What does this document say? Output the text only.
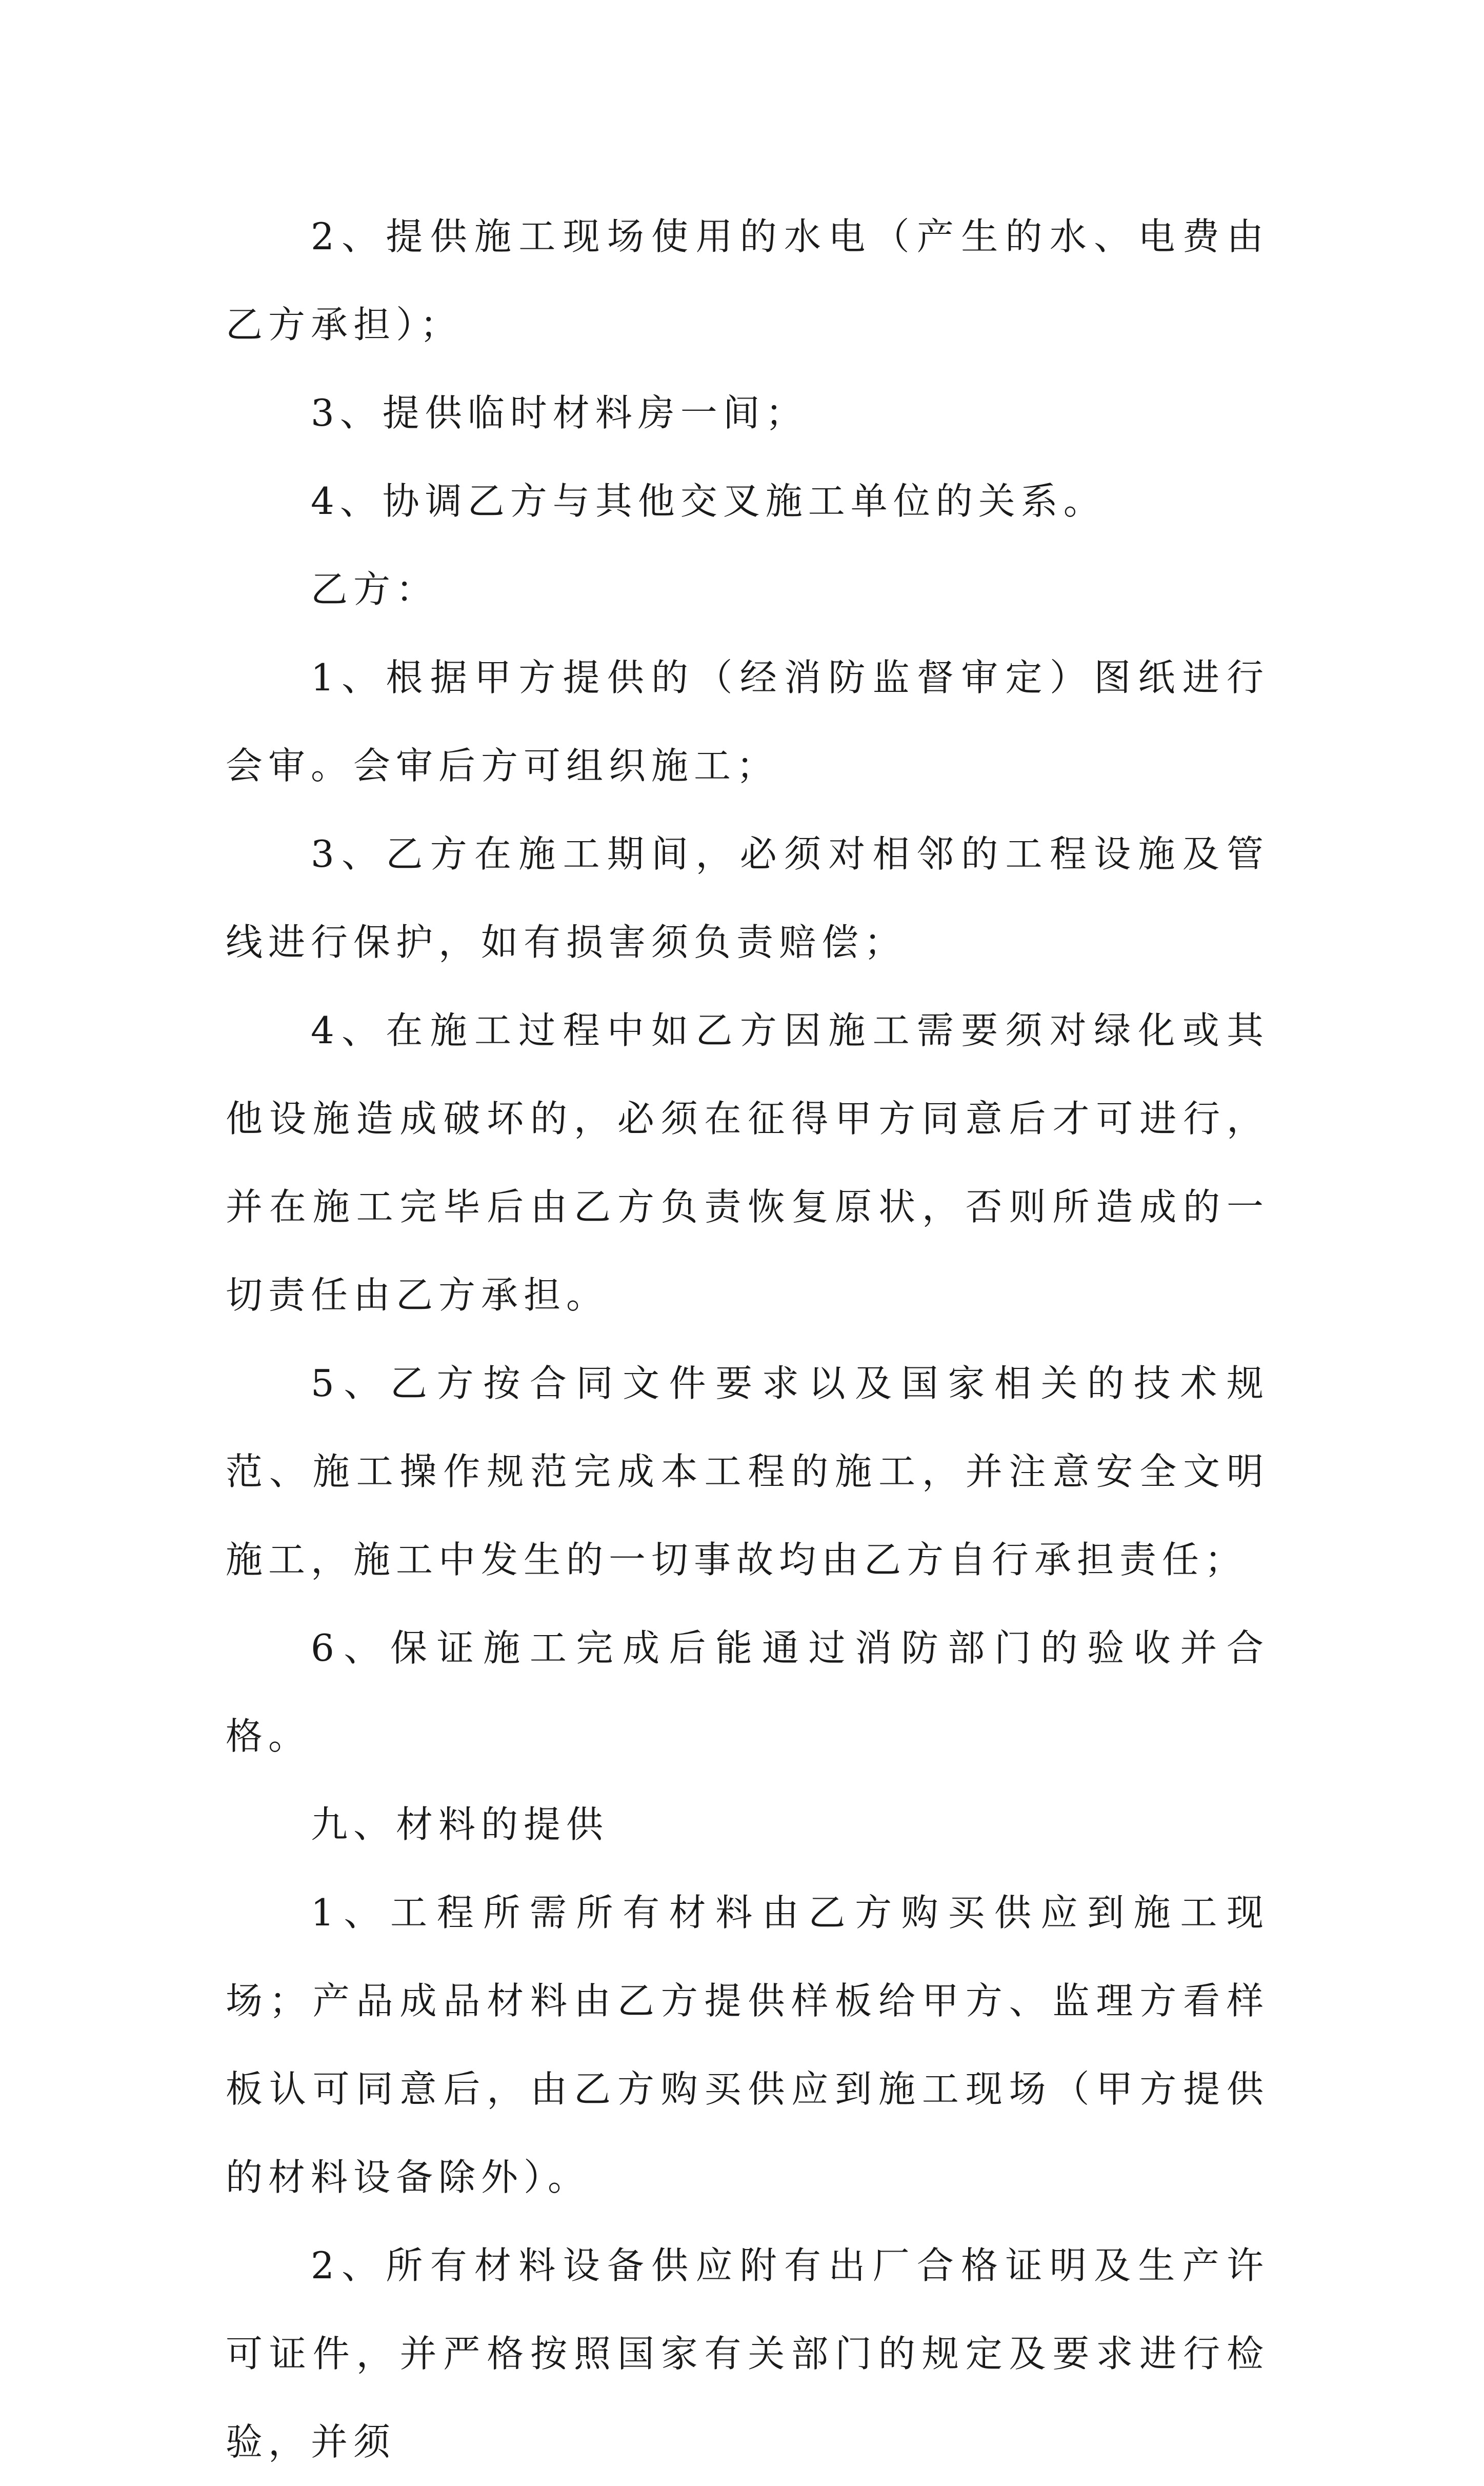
2、提供施工现场使用的水电（产生的水、电费由乙方承担）；

3、提供临时材料房一间；

4、协调乙方与其他交叉施工单位的关系。

乙方：

1、根据甲方提供的（经消防监督审定）图纸进行会审。会审后方可组织施工；

3、乙方在施工期间，必须对相邻的工程设施及管线进行保护，如有损害须负责赔偿；

4、在施工过程中如乙方因施工需要须对绿化或其他设施造成破坏的，必须在征得甲方同意后才可进行，并在施工完毕后由乙方负责恢复原状，否则所造成的一切责任由乙方承担。

5、乙方按合同文件要求以及国家相关的技术规范、施工操作规范完成本工程的施工，并注意安全文明施工，施工中发生的一切事故均由乙方自行承担责任；

6、保证施工完成后能通过消防部门的验收并合格。

九、材料的提供

1、工程所需所有材料由乙方购买供应到施工现场；产品成品材料由乙方提供样板给甲方、监理方看样板认可同意后，由乙方购买供应到施工现场（甲方提供的材料设备除外）。

2、所有材料设备供应附有出厂合格证明及生产许可证件，并严格按照国家有关部门的规定及要求进行检验，并须
